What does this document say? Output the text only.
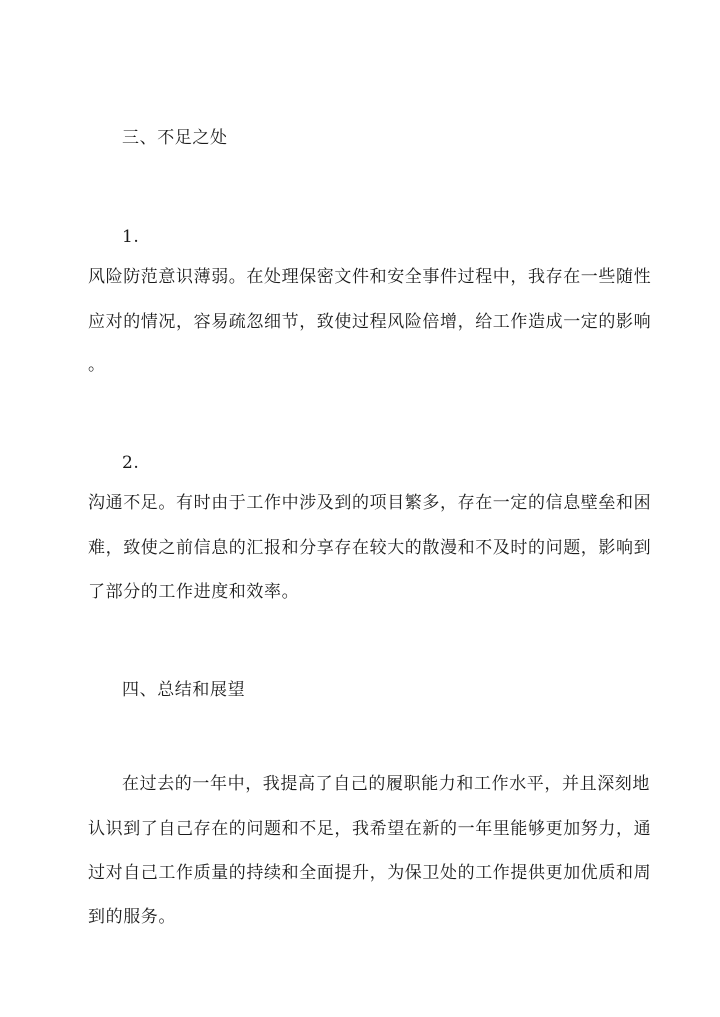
三、不足之处
1.
风险防范意识薄弱。在处理保密文件和安全事件过程中，我存在一些随性
应对的情况，容易疏忽细节，致使过程风险倍增，给工作造成一定的影响
。
2.
沟通不足。有时由于工作中涉及到的项目繁多，存在一定的信息壁垒和困
难，致使之前信息的汇报和分享存在较大的散漫和不及时的问题，影响到
了部分的工作进度和效率。
四、总结和展望
在过去的一年中，我提高了自己的履职能力和工作水平，并且深刻地
认识到了自己存在的问题和不足，我希望在新的一年里能够更加努力，通
过对自己工作质量的持续和全面提升，为保卫处的工作提供更加优质和周
到的服务。
